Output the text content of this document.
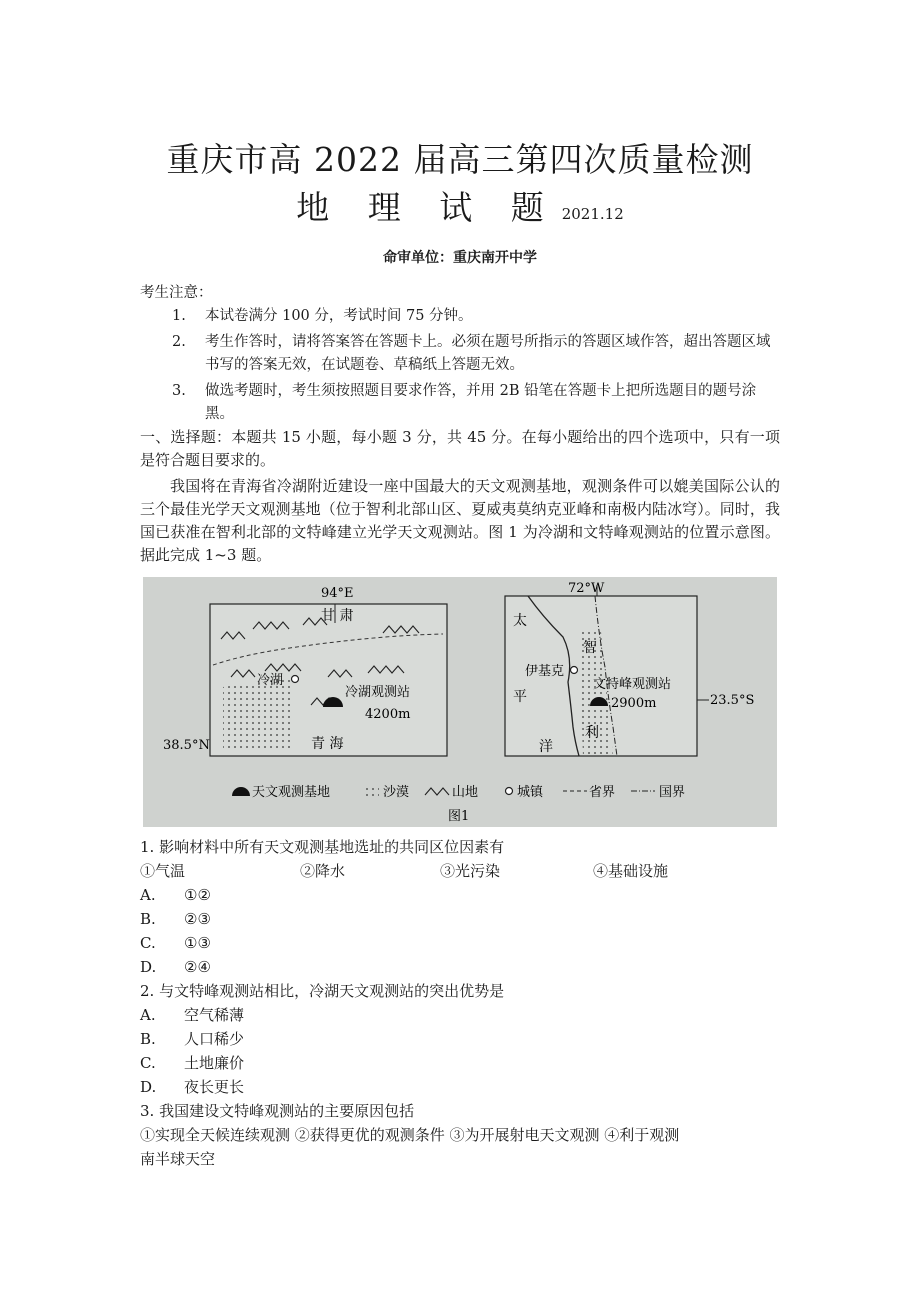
重庆市高 2022 届高三第四次质量检测
地 理 试 题 2021.12
命审单位：重庆南开中学
考生注意：
1.	本试卷满分 100 分，考试时间 75 分钟。
2.	考生作答时，请将答案答在答题卡上。必须在题号所指示的答题区域作答，超出答题区域书写的答案无效，在试题卷、草稿纸上答题无效。
3.	做选考题时，考生须按照题目要求作答，并用 2B 铅笔在答题卡上把所选题目的题号涂黑。
一、选择题：本题共 15 小题，每小题 3 分，共 45 分。在每小题给出的四个选项中，只有一项是符合题目要求的。
我国将在青海省冷湖附近建设一座中国最大的天文观测基地，观测条件可以媲美国际公认的三个最佳光学天文观测基地（位于智利北部山区、夏威夷莫纳克亚峰和南极内陆冰穹）。同时，我国已获准在智利北部的文特峰建立光学天文观测站。图 1 为冷湖和文特峰观测站的位置示意图。据此完成 1~3 题。
94°E
38.5°N
甘 肃
冷湖
冷湖观测站
4200m
青 海
72°W
23.5°S
伊基克
太
平
洋
智
利
文特峰观测站
2900m
天文观测基地	沙漠	山地	城镇	省界	国界
图1
1. 影响材料中所有天文观测基地选址的共同区位因素有
①气温	②降水	③光污染	④基础设施
A. ①②
B. ②③
C. ①③
D. ②④
2. 与文特峰观测站相比，冷湖天文观测站的突出优势是
A. 空气稀薄
B. 人口稀少
C. 土地廉价
D. 夜长更长
3. 我国建设文特峰观测站的主要原因包括
①实现全天候连续观测 ②获得更优的观测条件 ③为开展射电天文观测 ④利于观测
南半球天空
